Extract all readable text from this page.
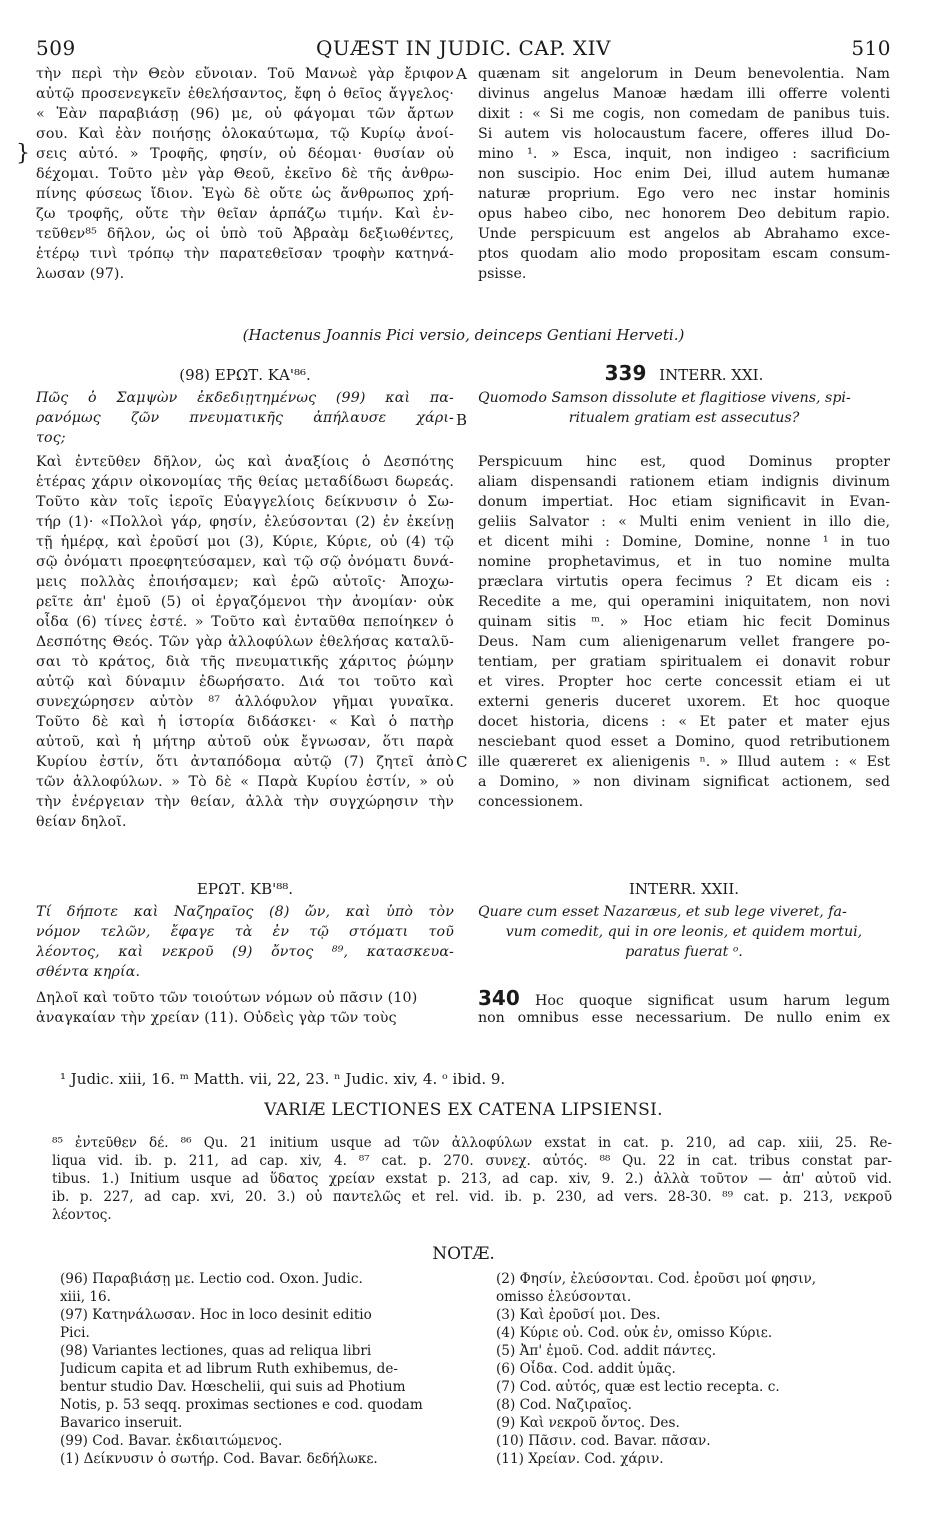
509	QUÆST IN JUDIC. CAP. XIV	510
τὴν περὶ τὴν Θεὸν εὔνοιαν. Τοῦ Μανωὲ γὰρ ἔριφον
αὐτῷ προσενεγκεῖν ἐθελήσαντος, ἔφη ὁ θεῖος ἄγγελος·
« Ἐὰν παραβιάσῃ (96) με, οὐ φάγομαι τῶν ἄρτων
σου. Καὶ ἐὰν ποιήσῃς ὁλοκαύτωμα, τῷ Κυρίῳ ἀνοί-
σεις αὐτό. » Τροφῆς, φησίν, οὐ δέομαι· θυσίαν οὐ
δέχομαι. Τοῦτο μὲν γὰρ Θεοῦ, ἐκεῖνο δὲ τῆς ἀνθρω-
πίνης φύσεως ἴδιον. Ἐγὼ δὲ οὔτε ὡς ἄνθρωπος χρή-
ζω τροφῆς, οὔτε τὴν θεῖαν ἁρπάζω τιμήν. Καὶ ἐν-
τεῦθεν⁸⁵ δῆλον, ὡς οἱ ὑπὸ τοῦ Ἀβραὰμ δεξιωθέντες,
ἑτέρῳ τινὶ τρόπῳ τὴν παρατεθεῖσαν τροφὴν κατηνά-
λωσαν (97).
quænam sit angelorum in Deum benevolentia. Nam
divinus angelus Manoæ hædam illi offerre volenti
dixit : « Si me cogis, non comedam de panibus tuis.
Si autem vis holocaustum facere, offeres illud Do-
mino ¹. » Esca, inquit, non indigeo : sacrificium
non suscipio. Hoc enim Dei, illud autem humanæ
naturæ proprium. Ego vero nec instar hominis
opus habeo cibo, nec honorem Deo debitum rapio.
Unde perspicuum est angelos ab Abrahamo exce-
ptos quodam alio modo propositam escam consum-
psisse.
A
}
(Hactenus Joannis Pici versio, deinceps Gentiani Herveti.)
(98) ΕΡΩΤ. ΚΑ'⁸⁶.	339 INTERR. XXI.
Πῶς ὁ Σαμψὼν ἐκδεδιῃτημένως (99) καὶ πα-
ρανόμως ζῶν πνευματικῆς ἀπήλαυσε χάρι-
τος;
Quomodo Samson dissolute et flagitiose vivens, spi-
ritualem gratiam est assecutus?
B
Καὶ ἐντεῦθεν δῆλον, ὡς καὶ ἀναξίοις ὁ Δεσπότης
ἑτέρας χάριν οἰκονομίας τῆς θείας μεταδίδωσι δωρεάς.
Τοῦτο κὰν τοῖς ἱεροῖς Εὐαγγελίοις δείκνυσιν ὁ Σω-
τήρ (1)· «Πολλοὶ γάρ, φησίν, ἐλεύσονται (2) ἐν ἐκείνῃ
τῇ ἡμέρᾳ, καὶ ἐροῦσί μοι (3), Κύριε, Κύριε, οὐ (4) τῷ
σῷ ὀνόματι προεφητεύσαμεν, καὶ τῷ σῷ ὀνόματι δυνά-
μεις πολλὰς ἐποιήσαμεν; καὶ ἐρῶ αὐτοῖς· Ἀποχω-
ρεῖτε ἀπ' ἐμοῦ (5) οἱ ἐργαζόμενοι τὴν ἀνομίαν· οὐκ
οἶδα (6) τίνες ἐστέ. » Τοῦτο καὶ ἐνταῦθα πεποίηκεν ὁ
Δεσπότης Θεός. Τῶν γὰρ ἀλλοφύλων ἐθελήσας καταλῦ-
σαι τὸ κράτος, διὰ τῆς πνευματικῆς χάριτος ῥώμην
αὐτῷ καὶ δύναμιν ἐδωρήσατο. Διά τοι τοῦτο καὶ
συνεχώρησεν αὐτὸν ⁸⁷ ἀλλόφυλον γῆμαι γυναῖκα.
Τοῦτο δὲ καὶ ἡ ἱστορία διδάσκει· « Καὶ ὁ πατὴρ
αὐτοῦ, καὶ ἡ μήτηρ αὐτοῦ οὐκ ἔγνωσαν, ὅτι παρὰ
Κυρίου ἐστίν, ὅτι ἀνταπόδομα αὐτῷ (7) ζητεῖ ἀπὸ
τῶν ἀλλοφύλων. » Τὸ δὲ « Παρὰ Κυρίου ἐστίν, » οὐ
τὴν ἐνέργειαν τὴν θείαν, ἀλλὰ τὴν συγχώρησιν τὴν
θείαν δηλοῖ.
Perspicuum hinc est, quod Dominus propter
aliam dispensandi rationem etiam indignis divinum
donum impertiat. Hoc etiam significavit in Evan-
geliis Salvator : « Multi enim venient in illo die,
et dicent mihi : Domine, Domine, nonne ¹ in tuo
nomine prophetavimus, et in tuo nomine multa
præclara virtutis opera fecimus ? Et dicam eis :
Recedite a me, qui operamini iniquitatem, non novi
quinam sitis ᵐ. » Hoc etiam hic fecit Dominus
Deus. Nam cum alienigenarum vellet frangere po-
tentiam, per gratiam spiritualem ei donavit robur
et vires. Propter hoc certe concessit etiam ei ut
externi generis duceret uxorem. Et hoc quoque
docet historia, dicens : « Et pater et mater ejus
nesciebant quod esset a Domino, quod retributionem
ille quæreret ex alienigenis ⁿ. » Illud autem : « Est
a Domino, » non divinam significat actionem, sed
concessionem.
C
ΕΡΩΤ. ΚΒ'⁸⁸.	INTERR. XXII.
Τί δήποτε καὶ Ναζηραῖος (8) ὤν, καὶ ὑπὸ τὸν
νόμον τελῶν, ἔφαγε τὰ ἐν τῷ στόματι τοῦ
λέοντος, καὶ νεκροῦ (9) ὄντος ⁸⁹, κατασκευα-
σθέντα κηρία.
Quare cum esset Nazaræus, et sub lege viveret, fa-
vum comedit, qui in ore leonis, et quidem mortui,
paratus fuerat ᵒ.
Δηλοῖ καὶ τοῦτο τῶν τοιούτων νόμων οὐ πᾶσιν (10)
ἀναγκαίαν τὴν χρείαν (11). Οὐδεὶς γὰρ τῶν τοὺς
340 Hoc quoque significat usum harum legum
non omnibus esse necessarium. De nullo enim ex
¹ Judic. xiii, 16. ᵐ Matth. vii, 22, 23. ⁿ Judic. xiv, 4. ᵒ ibid. 9.
VARIÆ LECTIONES EX CATENA LIPSIENSI.
⁸⁵ ἐντεῦθεν δέ. ⁸⁶ Qu. 21 initium usque ad τῶν ἀλλοφύλων exstat in cat. p. 210, ad cap. xiii, 25. Re-
liqua vid. ib. p. 211, ad cap. xiv, 4. ⁸⁷ cat. p. 270. συνεχ. αὐτός. ⁸⁸ Qu. 22 in cat. tribus constat par-
tibus. 1.) Initium usque ad ὕδατος χρείαν exstat p. 213, ad cap. xiv, 9. 2.) ἀλλὰ τοῦτον — ἀπ' αὐτοῦ vid.
ib. p. 227, ad cap. xvi, 20. 3.) οὐ παντελῶς et rel. vid. ib. p. 230, ad vers. 28-30. ⁸⁹ cat. p. 213, νεκροῦ
λέοντος.
NOTÆ.
(96) Παραβιάσῃ με. Lectio cod. Oxon. Judic.
xiii, 16.
(97) Κατηνάλωσαν. Hoc in loco desinit editio
Pici.
(98) Variantes lectiones, quas ad reliqua libri
Judicum capita et ad librum Ruth exhibemus, de-
bentur studio Dav. Hœschelii, qui suis ad Photium
Notis, p. 53 seqq. proximas sectiones e cod. quodam
Bavarico inseruit.
(99) Cod. Bavar. ἐκδιαιτώμενος.
(1) Δείκνυσιν ὁ σωτήρ. Cod. Bavar. δεδήλωκε.
(2) Φησίν, ἐλεύσονται. Cod. ἐροῦσι μοί φησιν,
omisso ἐλεύσονται.
(3) Καὶ ἐροῦσί μοι. Des.
(4) Κύριε οὐ. Cod. οὐκ ἐν, omisso Κύριε.
(5) Ἀπ' ἐμοῦ. Cod. addit πάντες.
(6) Οἶδα. Cod. addit ὑμᾶς.
(7) Cod. αὐτός, quæ est lectio recepta. c.
(8) Cod. Ναζιραῖος.
(9) Καὶ νεκροῦ ὄντος. Des.
(10) Πᾶσιν. cod. Bavar. πᾶσαν.
(11) Χρείαν. Cod. χάριν.
